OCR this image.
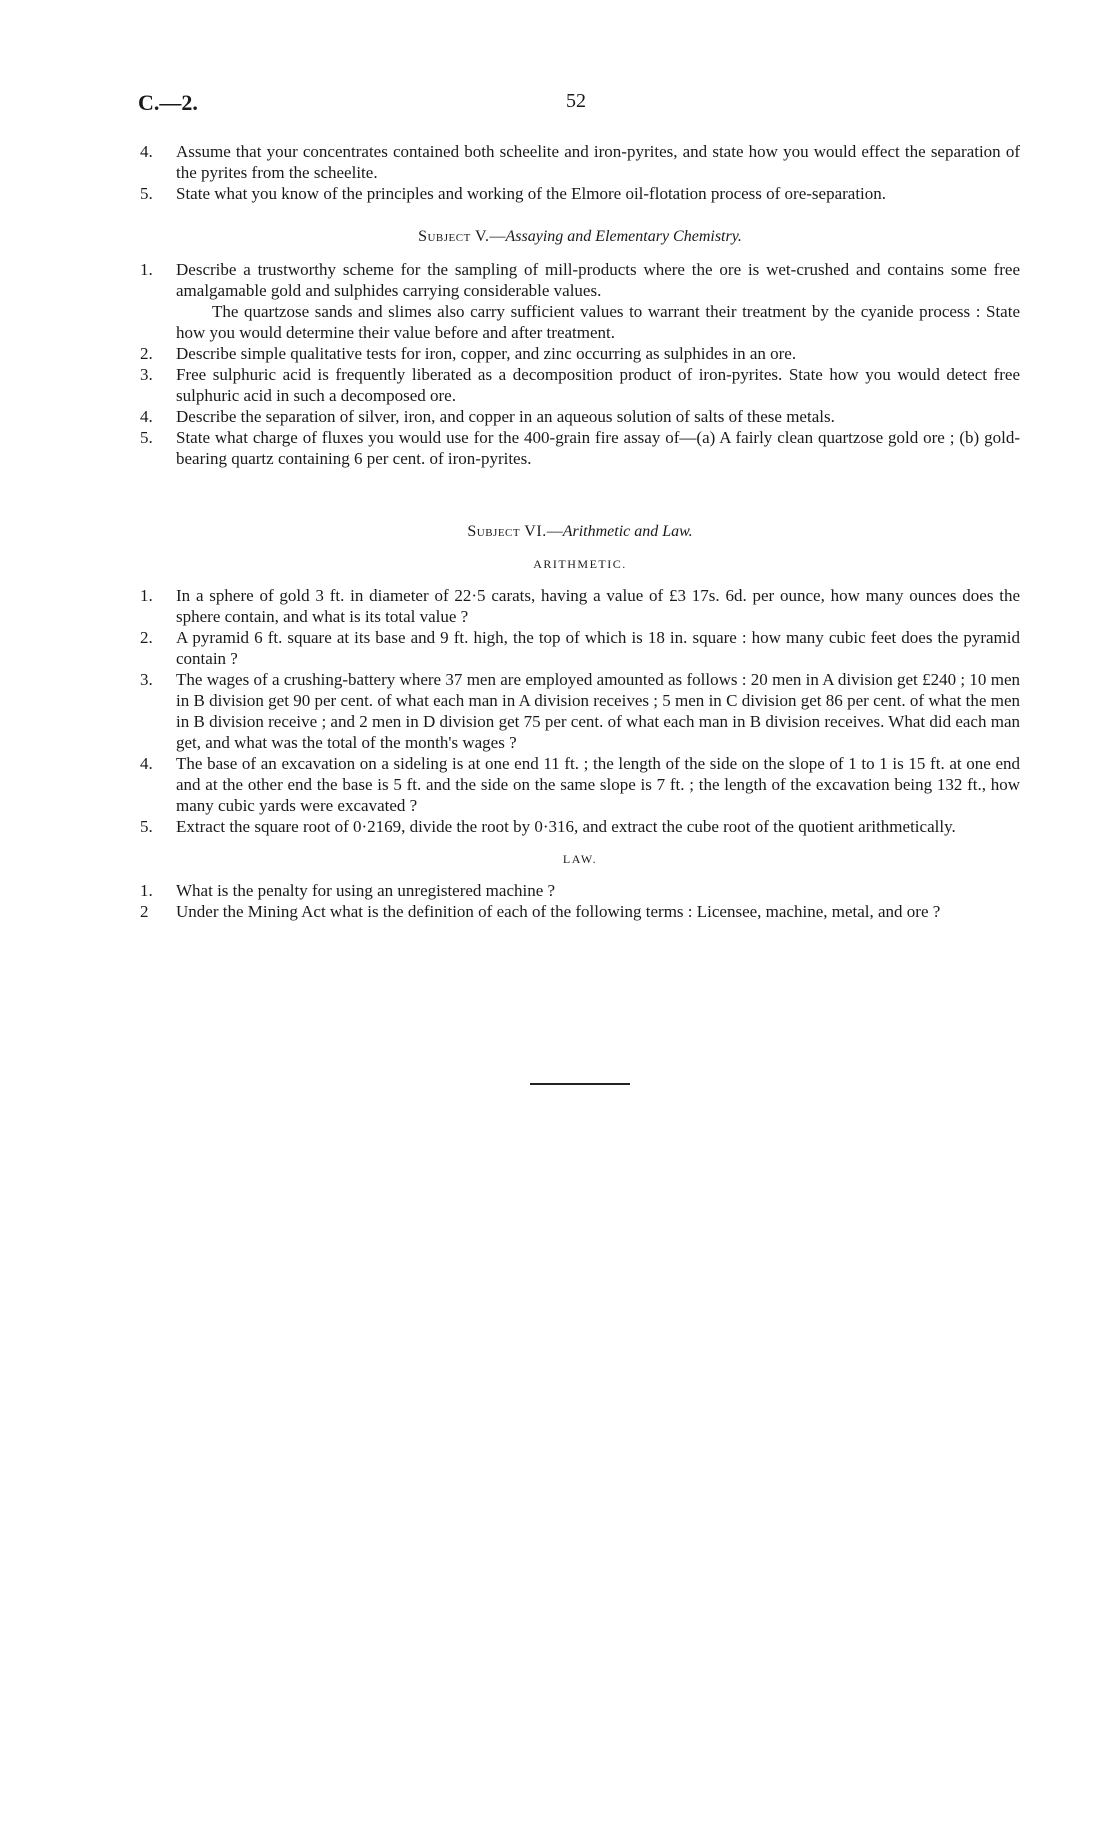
C.—2.	52
4. Assume that your concentrates contained both scheelite and iron-pyrites, and state how you would effect the separation of the pyrites from the scheelite.
5. State what you know of the principles and working of the Elmore oil-flotation process of ore-separation.
Subject V.—Assaying and Elementary Chemistry.
1. Describe a trustworthy scheme for the sampling of mill-products where the ore is wet-crushed and contains some free amalgamable gold and sulphides carrying considerable values.
The quartzose sands and slimes also carry sufficient values to warrant their treatment by the cyanide process : State how you would determine their value before and after treatment.
2. Describe simple qualitative tests for iron, copper, and zinc occurring as sulphides in an ore.
3. Free sulphuric acid is frequently liberated as a decomposition product of iron-pyrites. State how you would detect free sulphuric acid in such a decomposed ore.
4. Describe the separation of silver, iron, and copper in an aqueous solution of salts of these metals.
5. State what charge of fluxes you would use for the 400-grain fire assay of—(a) A fairly clean quartzose gold ore ; (b) gold-bearing quartz containing 6 per cent. of iron-pyrites.
Subject VI.—Arithmetic and Law.
ARITHMETIC.
1. In a sphere of gold 3 ft. in diameter of 22·5 carats, having a value of £3 17s. 6d. per ounce, how many ounces does the sphere contain, and what is its total value ?
2. A pyramid 6 ft. square at its base and 9 ft. high, the top of which is 18 in. square : how many cubic feet does the pyramid contain ?
3. The wages of a crushing-battery where 37 men are employed amounted as follows : 20 men in A division get £240 ; 10 men in B division get 90 per cent. of what each man in A division receives ; 5 men in C division get 86 per cent. of what the men in B division receive ; and 2 men in D division get 75 per cent. of what each man in B division receives. What did each man get, and what was the total of the month's wages ?
4. The base of an excavation on a sideling is at one end 11 ft. ; the length of the side on the slope of 1 to 1 is 15 ft. at one end and at the other end the base is 5 ft. and the side on the same slope is 7 ft. ; the length of the excavation being 132 ft., how many cubic yards were excavated ?
5. Extract the square root of 0·2169, divide the root by 0·316, and extract the cube root of the quotient arithmetically.
LAW.
1. What is the penalty for using an unregistered machine ?
2 Under the Mining Act what is the definition of each of the following terms : Licensee, machine, metal, and ore ?
